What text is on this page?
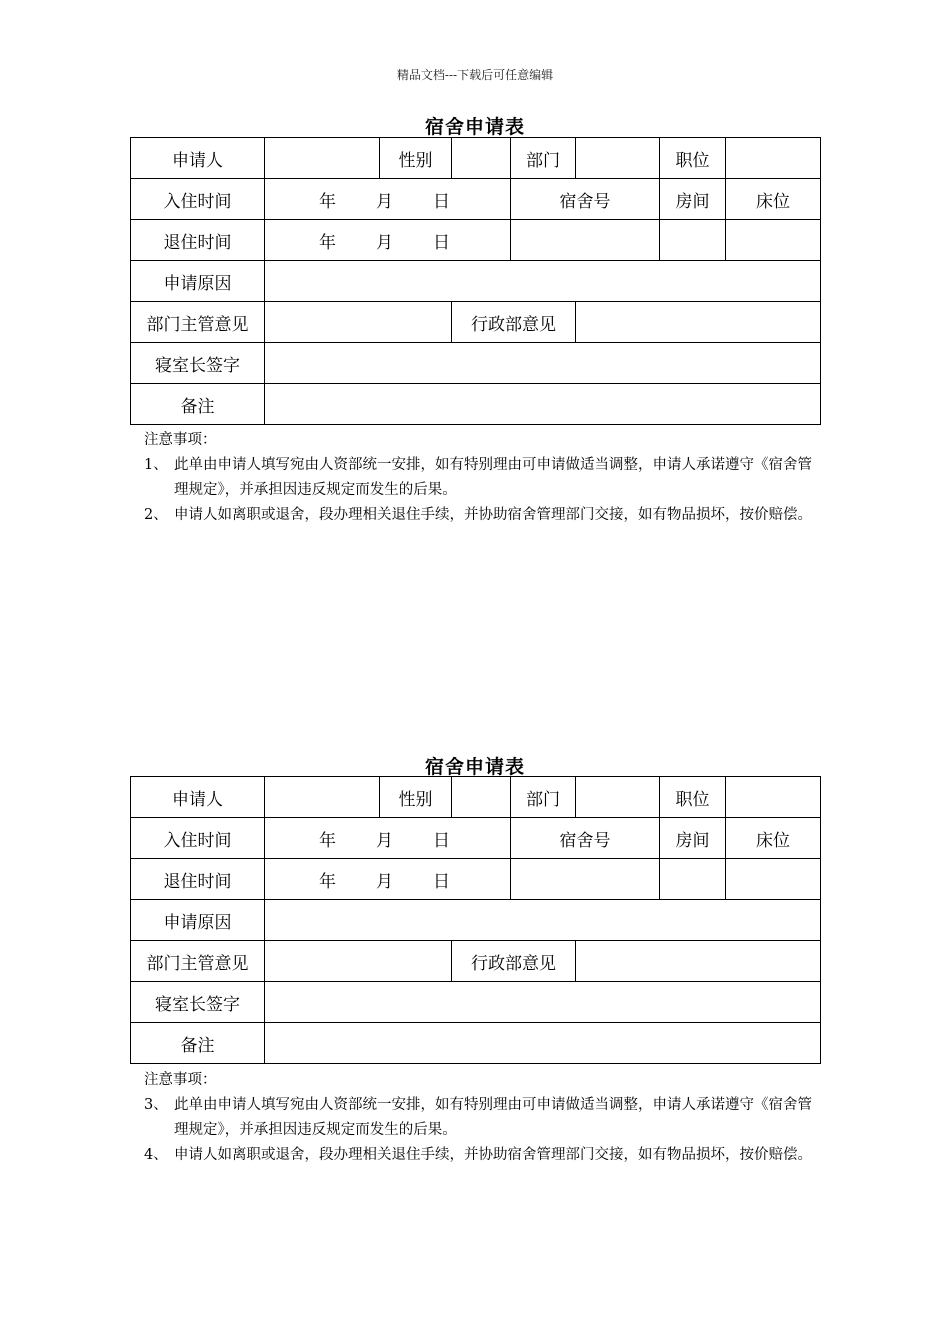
精品文档---下载后可任意编辑
宿舍申请表
申请人		性别		部门		职位	
入住时间	年 月 日			宿舍号		房间	床位
退住时间	年 月 日						
申请原因							
部门主管意见			行政部意见				
寝室长签字							
备注							
注意事项：
1、 此单由申请人填写宛由人资部统一安排，如有特别理由可申请做适当调整，申请人承诺遵守《宿舍管理规定》，并承担因违反规定而发生的后果。
2、 申请人如离职或退舍，段办理相关退住手续，并协助宿舍管理部门交接，如有物品损坏，按价赔偿。
宿舍申请表
申请人		性别		部门		职位	
入住时间	年 月 日			宿舍号		房间	床位
退住时间	年 月 日						
申请原因							
部门主管意见			行政部意见				
寝室长签字							
备注							
注意事项：
3、 此单由申请人填写宛由人资部统一安排，如有特别理由可申请做适当调整，申请人承诺遵守《宿舍管理规定》，并承担因违反规定而发生的后果。
4、 申请人如离职或退舍，段办理相关退住手续，并协助宿舍管理部门交接，如有物品损坏，按价赔偿。
